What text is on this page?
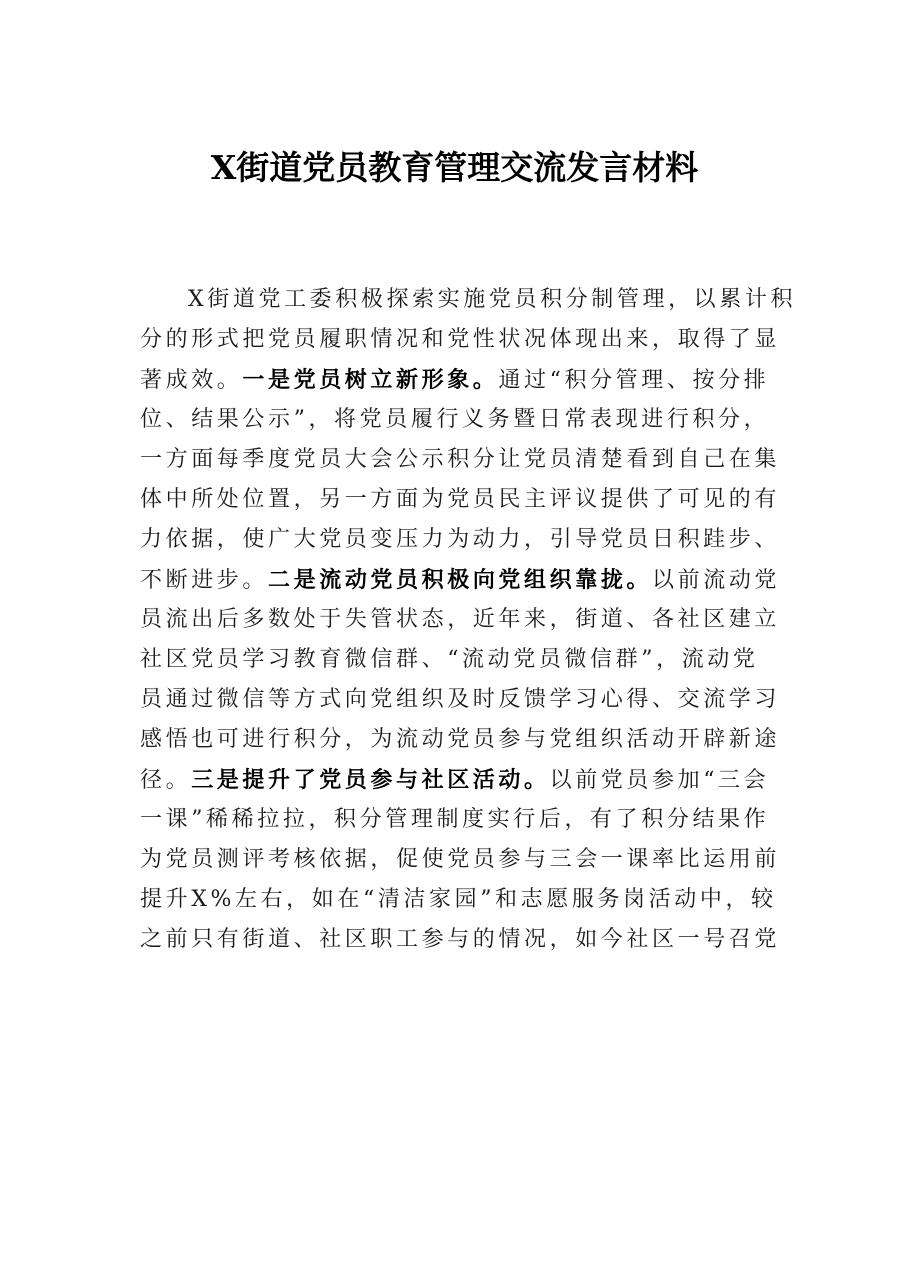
X街道党员教育管理交流发言材料
X街道党工委积极探索实施党员积分制管理，以累计积
分的形式把党员履职情况和党性状况体现出来，取得了显
著成效。一是党员树立新形象。通过“积分管理、按分排
位、结果公示”，将党员履行义务暨日常表现进行积分，
一方面每季度党员大会公示积分让党员清楚看到自己在集
体中所处位置，另一方面为党员民主评议提供了可见的有
力依据，使广大党员变压力为动力，引导党员日积跬步、
不断进步。二是流动党员积极向党组织靠拢。以前流动党
员流出后多数处于失管状态，近年来，街道、各社区建立
社区党员学习教育微信群、“流动党员微信群”，流动党
员通过微信等方式向党组织及时反馈学习心得、交流学习
感悟也可进行积分，为流动党员参与党组织活动开辟新途
径。三是提升了党员参与社区活动。以前党员参加“三会
一课”稀稀拉拉，积分管理制度实行后，有了积分结果作
为党员测评考核依据，促使党员参与三会一课率比运用前
提升X%左右，如在“清洁家园”和志愿服务岗活动中，较
之前只有街道、社区职工参与的情况，如今社区一号召党
